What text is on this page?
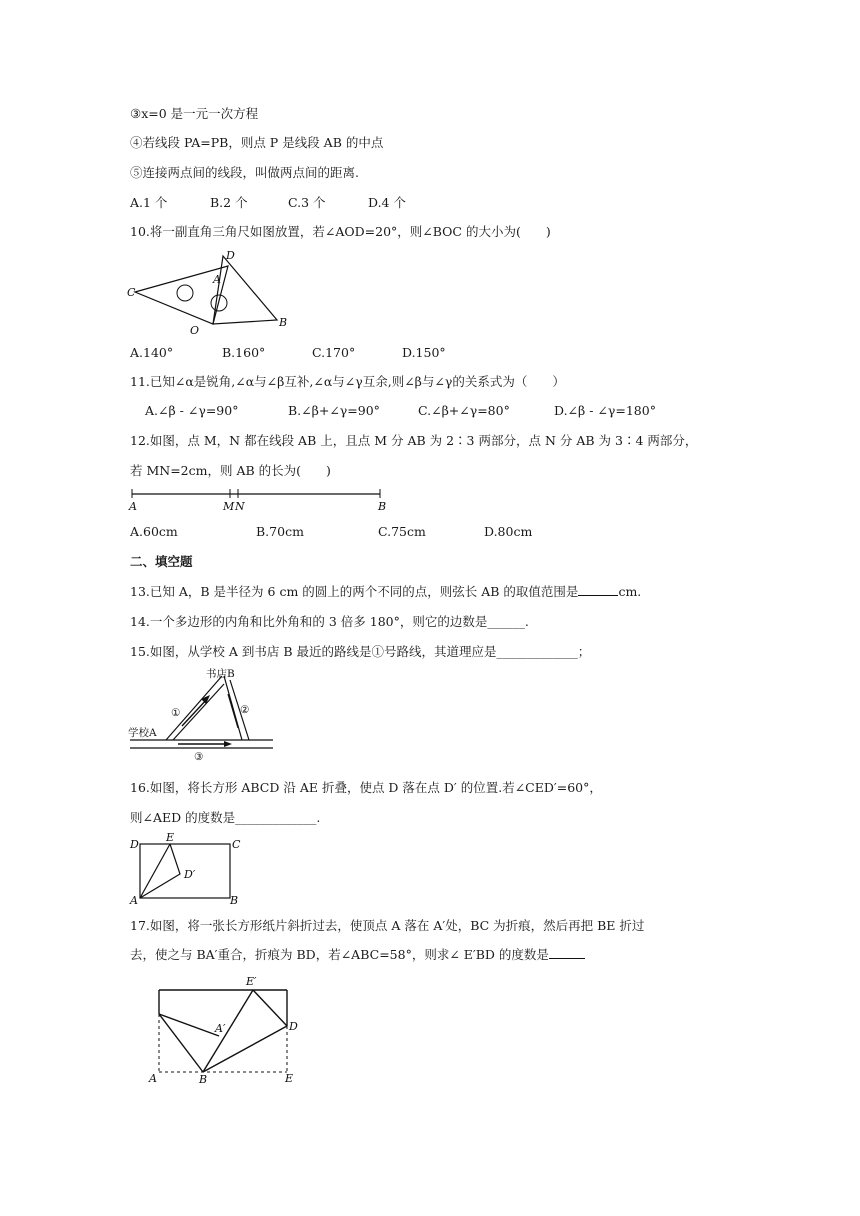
③x=0 是一元一次方程
④若线段 PA=PB，则点 P 是线段 AB 的中点
⑤连接两点间的线段，叫做两点间的距离.
A.1 个	B.2 个	C.3 个	D.4 个
10.将一副直角三角尺如图放置，若∠AOD=20°，则∠BOC 的大小为(　　)
C
D
A
O
B
A.140°	B.160°	C.170°	D.150°
11.已知∠α是锐角,∠α与∠β互补,∠α与∠γ互余,则∠β与∠γ的关系式为（　　）
A.∠β - ∠γ=90°	B.∠β+∠γ=90°	C.∠β+∠γ=80°	D.∠β - ∠γ=180°
12.如图，点 M，N 都在线段 AB 上，且点 M 分 AB 为 2∶3 两部分，点 N 分 AB 为 3∶4 两部分，
若 MN=2cm，则 AB 的长为(　　)
A	M N	B
A.60cm	B.70cm	C.75cm	D.80cm
二、填空题
13.已知 A，B 是半径为 6 cm 的圆上的两个不同的点，则弦长 AB 的取值范围是	cm.
14.一个多边形的内角和比外角和的 3 倍多 180°，则它的边数是______.
15.如图，从学校 A 到书店 B 最近的路线是①号路线，其道理应是_____________；
书店B
学校A
①	②
③
16.如图，将长方形 ABCD 沿 AE 折叠，使点 D 落在点 D′ 的位置.若∠CED′=60°，
则∠AED 的度数是_____________.
D
E
C
D′
A	B
17.如图，将一张长方形纸片斜折过去，使顶点 A 落在 A′处，BC 为折痕，然后再把 BE 折过
去，使之与 BA′重合，折痕为 BD，若∠ABC=58°，则求∠ E′BD 的度数是
E′
A′	D
A	B	E
